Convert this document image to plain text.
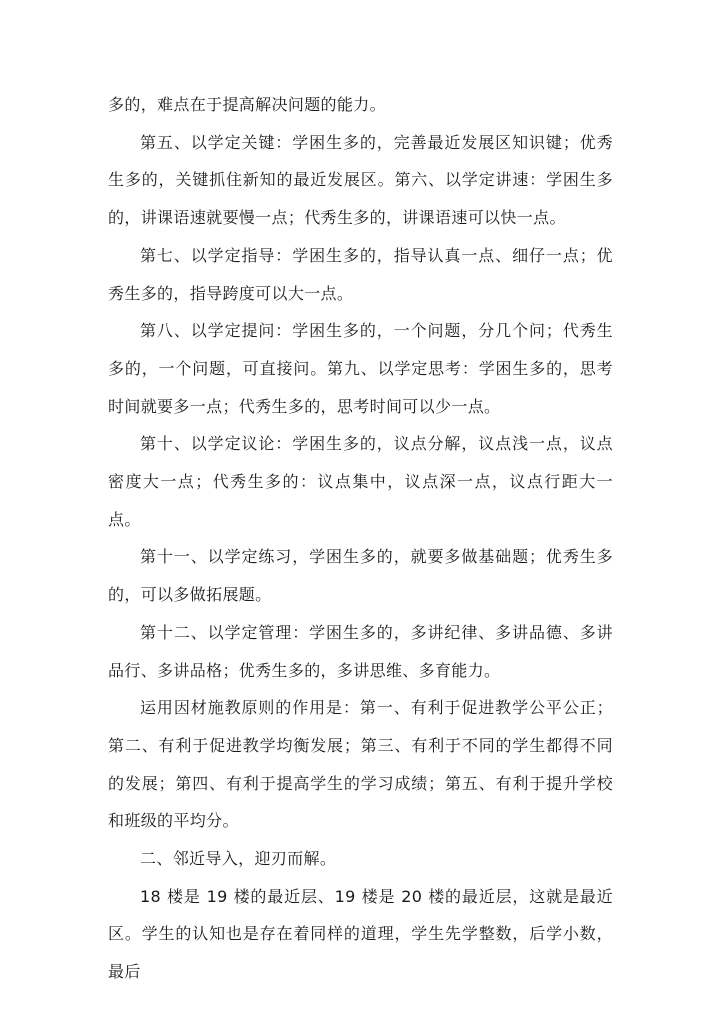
多的，难点在于提高解决问题的能力。

第五、以学定关键：学困生多的，完善最近发展区知识键；优秀生多的，关键抓住新知的最近发展区。第六、以学定讲速：学困生多的，讲课语速就要慢一点；代秀生多的，讲课语速可以快一点。

第七、以学定指导：学困生多的，指导认真一点、细仔一点；优秀生多的，指导跨度可以大一点。

第八、以学定提问：学困生多的，一个问题，分几个问；代秀生多的，一个问题，可直接问。第九、以学定思考：学困生多的，思考时间就要多一点；代秀生多的，思考时间可以少一点。

第十、以学定议论：学困生多的，议点分解，议点浅一点，议点密度大一点；代秀生多的：议点集中，议点深一点，议点行距大一点。

第十一、以学定练习，学困生多的，就要多做基础题；优秀生多的，可以多做拓展题。

第十二、以学定管理：学困生多的，多讲纪律、多讲品德、多讲品行、多讲品格；优秀生多的，多讲思维、多育能力。

运用因材施教原则的作用是：第一、有利于促进教学公平公正；第二、有利于促进教学均衡发展；第三、有利于不同的学生都得不同的发展；第四、有利于提高学生的学习成绩；第五、有利于提升学校和班级的平均分。

二、邻近导入，迎刃而解。

18 楼是 19 楼的最近层、19 楼是 20 楼的最近层，这就是最近区。学生的认知也是存在着同样的道理，学生先学整数，后学小数，最后
